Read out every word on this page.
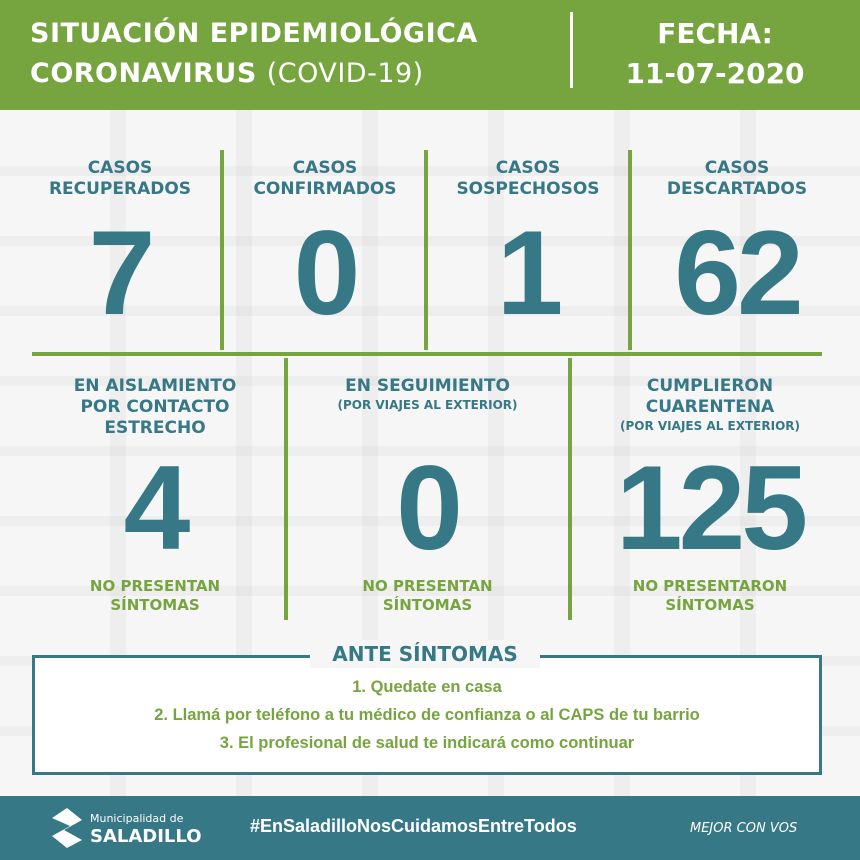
SITUACIÓN EPIDEMIOLÓGICA
CORONAVIRUS (COVID-19)
FECHA:
11-07-2020
CASOS
RECUPERADOS
7
CASOS
CONFIRMADOS
0
CASOS
SOSPECHOSOS
1
CASOS
DESCARTADOS
62
EN AISLAMIENTO
POR CONTACTO
ESTRECHO
4
NO PRESENTAN
SÍNTOMAS
EN SEGUIMIENTO
(POR VIAJES AL EXTERIOR)
0
NO PRESENTAN
SÍNTOMAS
CUMPLIERON
CUARENTENA
(POR VIAJES AL EXTERIOR)
125
NO PRESENTARON
SÍNTOMAS
ANTE SÍNTOMAS
1. Quedate en casa
2. Llamá por teléfono a tu médico de confianza o al CAPS de tu barrio
3. El profesional de salud te indicará como continuar
Municipalidad de
SALADILLO	#EnSaladilloNosCuidamosEntreTodos	MEJOR CON VOS
